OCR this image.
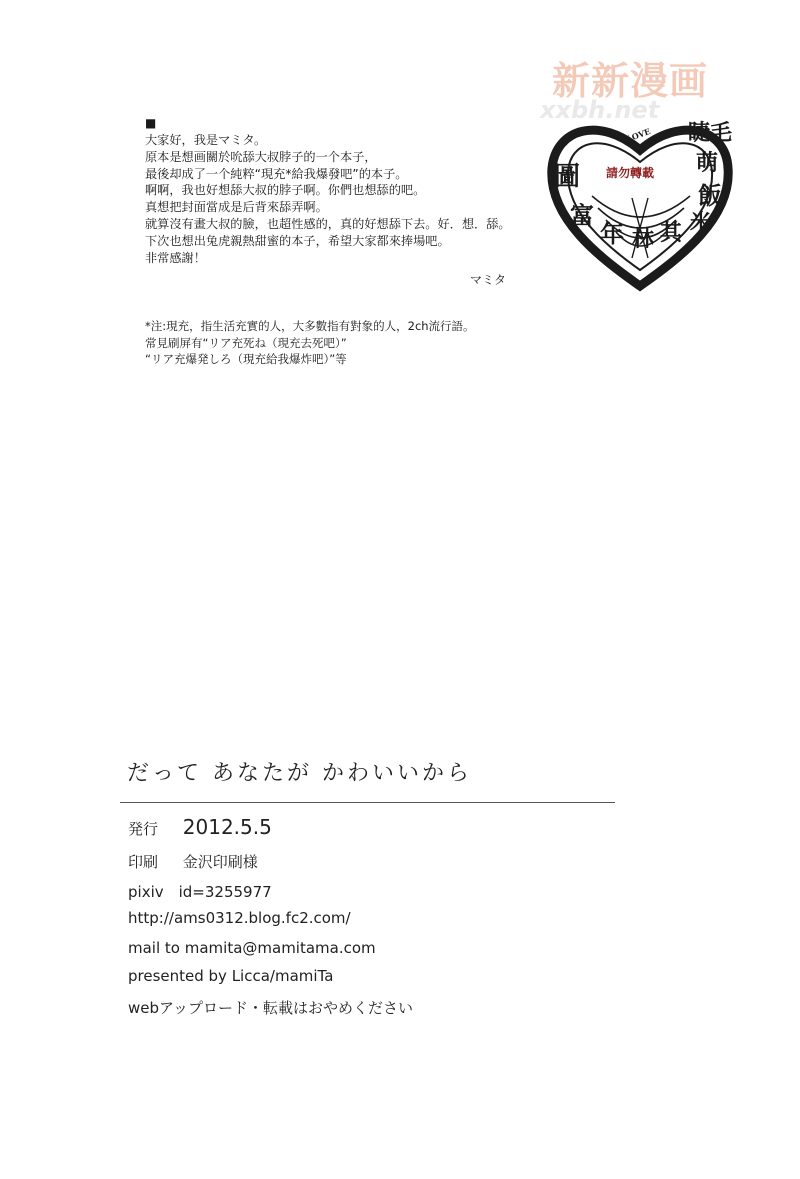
新新漫画
xxbh.net
圖
富
年 林 其 米
睫毛
萌
飯
請勿轉載
LOVE
■
大家好，我是マミタ。
原本是想画關於吮舔大叔脖子的一个本子，
最後却成了一个純粹“現充*給我爆發吧”的本子。
啊啊，我也好想舔大叔的脖子啊。你們也想舔的吧。
真想把封面當成是后背來舔弄啊。
就算沒有畫大叔的臉，也超性感的，真的好想舔下去。好．想．舔。
下次也想出兔虎親熱甜蜜的本子，希望大家都來捧場吧。
非常感謝！
マミタ
*注:現充，指生活充實的人，大多數指有對象的人，2ch流行語。
常見刷屏有“リア充死ね（現充去死吧）”
“リア充爆発しろ（現充給我爆炸吧）”等
だって あなたが かわいいから
発行 2012.5.5
印刷 金沢印刷様
pixiv　id=3255977
http://ams0312.blog.fc2.com/
mail to mamita@mamitama.com
presented by Licca/mamiTa
webアップロード・転載はおやめください
